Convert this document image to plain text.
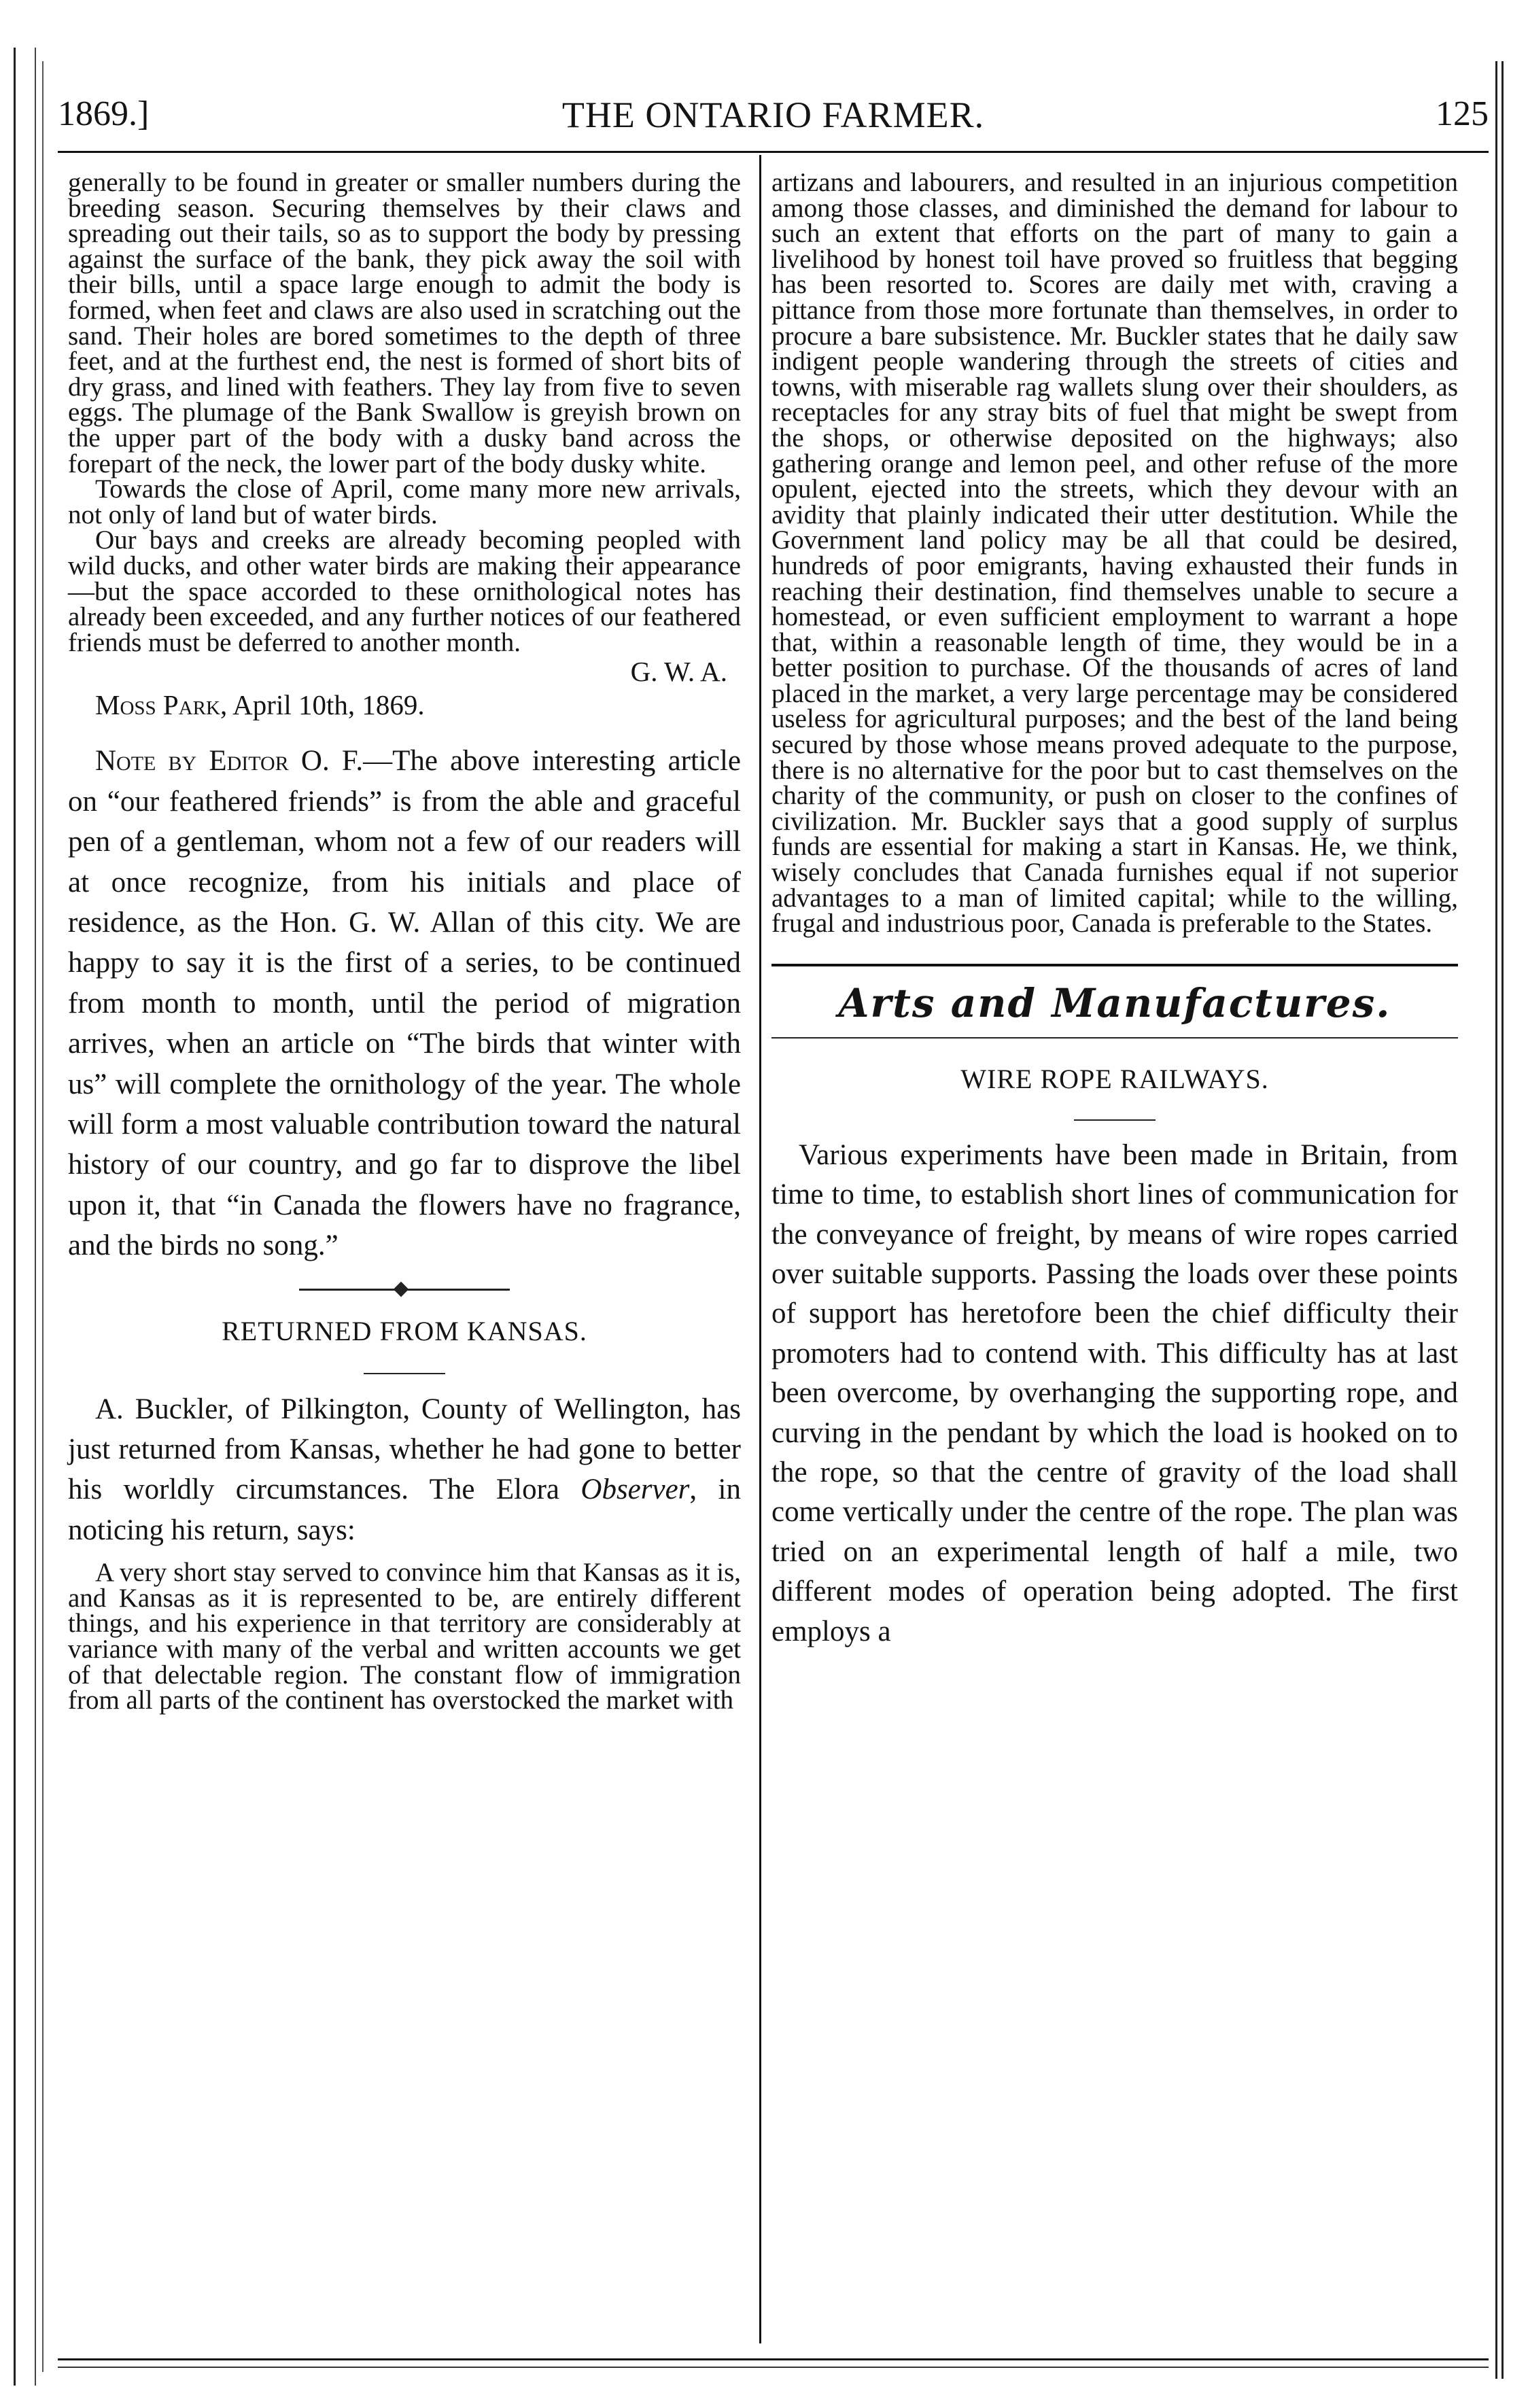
1869.]	THE ONTARIO FARMER.	125

generally to be found in greater or smaller numbers during the breeding season. Securing themselves by their claws and spreading out their tails, so as to support the body by pressing against the surface of the bank, they pick away the soil with their bills, until a space large enough to admit the body is formed, when feet and claws are also used in scratching out the sand. Their holes are bored sometimes to the depth of three feet, and at the furthest end, the nest is formed of short bits of dry grass, and lined with feathers. They lay from five to seven eggs. The plumage of the Bank Swallow is greyish brown on the upper part of the body with a dusky band across the forepart of the neck, the lower part of the body dusky white.

Towards the close of April, come many more new arrivals, not only of land but of water birds.

Our bays and creeks are already becoming peopled with wild ducks, and other water birds are making their appearance—but the space accorded to these ornithological notes has already been exceeded, and any further notices of our feathered friends must be deferred to another month.

G. W. A.

Moss Park, April 10th, 1869.

Note by Editor O. F.—The above interesting article on “our feathered friends” is from the able and graceful pen of a gentleman, whom not a few of our readers will at once recognize, from his initials and place of residence, as the Hon. G. W. Allan of this city. We are happy to say it is the first of a series, to be continued from month to month, until the period of migration arrives, when an article on “The birds that winter with us” will complete the ornithology of the year. The whole will form a most valuable contribution toward the natural history of our country, and go far to disprove the libel upon it, that “in Canada the flowers have no fragrance, and the birds no song.”

RETURNED FROM KANSAS.

A. Buckler, of Pilkington, County of Wellington, has just returned from Kansas, whether he had gone to better his worldly circumstances. The Elora Observer, in noticing his return, says:

A very short stay served to convince him that Kansas as it is, and Kansas as it is represented to be, are entirely different things, and his experience in that territory are considerably at variance with many of the verbal and written accounts we get of that delectable region. The constant flow of immigration from all parts of the continent has overstocked the market with

artizans and labourers, and resulted in an injurious competition among those classes, and diminished the demand for labour to such an extent that efforts on the part of many to gain a livelihood by honest toil have proved so fruitless that begging has been resorted to. Scores are daily met with, craving a pittance from those more fortunate than themselves, in order to procure a bare subsistence. Mr. Buckler states that he daily saw indigent people wandering through the streets of cities and towns, with miserable rag wallets slung over their shoulders, as receptacles for any stray bits of fuel that might be swept from the shops, or otherwise deposited on the highways; also gathering orange and lemon peel, and other refuse of the more opulent, ejected into the streets, which they devour with an avidity that plainly indicated their utter destitution. While the Government land policy may be all that could be desired, hundreds of poor emigrants, having exhausted their funds in reaching their destination, find themselves unable to secure a homestead, or even sufficient employment to warrant a hope that, within a reasonable length of time, they would be in a better position to purchase. Of the thousands of acres of land placed in the market, a very large percentage may be considered useless for agricultural purposes; and the best of the land being secured by those whose means proved adequate to the purpose, there is no alternative for the poor but to cast themselves on the charity of the community, or push on closer to the confines of civilization. Mr. Buckler says that a good supply of surplus funds are essential for making a start in Kansas. He, we think, wisely concludes that Canada furnishes equal if not superior advantages to a man of limited capital; while to the willing, frugal and industrious poor, Canada is preferable to the States.

Arts and Manufactures.
WIRE ROPE RAILWAYS.

Various experiments have been made in Britain, from time to time, to establish short lines of communication for the conveyance of freight, by means of wire ropes carried over suitable supports. Passing the loads over these points of support has heretofore been the chief difficulty their promoters had to contend with. This difficulty has at last been overcome, by overhanging the supporting rope, and curving in the pendant by which the load is hooked on to the rope, so that the centre of gravity of the load shall come vertically under the centre of the rope. The plan was tried on an experimental length of half a mile, two different modes of operation being adopted. The first employs a
